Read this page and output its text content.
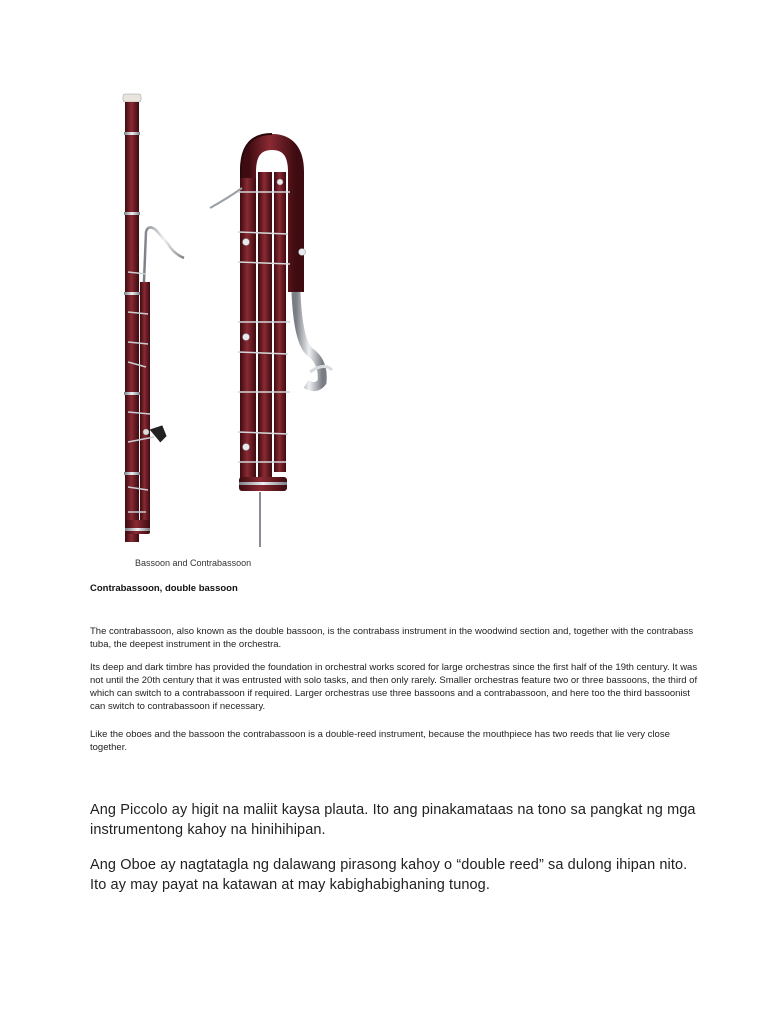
Bassoon and Contrabassoon
Contrabassoon, double bassoon
The contrabassoon, also known as the double bassoon, is the contrabass instrument in the woodwind section and, together with the contrabass tuba, the deepest instrument in the orchestra.
Its deep and dark timbre has provided the foundation in orchestral works scored for large orchestras since the first half of the 19th century. It was not until the 20th century that it was entrusted with solo tasks, and then only rarely. Smaller orchestras feature two or three bassoons, the third of which can switch to a contrabassoon if required. Larger orchestras use three bassoons and a contrabassoon, and here too the third bassoonist can switch to contrabassoon if necessary.
Like the oboes and the bassoon the contrabassoon is a double-reed instrument, because the mouthpiece has two reeds that lie very close together.
Ang Piccolo ay higit na maliit kaysa plauta. Ito ang pinakamataas na tono sa pangkat ng mga instrumentong kahoy na hinihihipan.
Ang Oboe ay nagtatagla ng dalawang pirasong kahoy o “double reed” sa dulong ihipan nito. Ito ay may payat na katawan at may kabighabighaning tunog.
